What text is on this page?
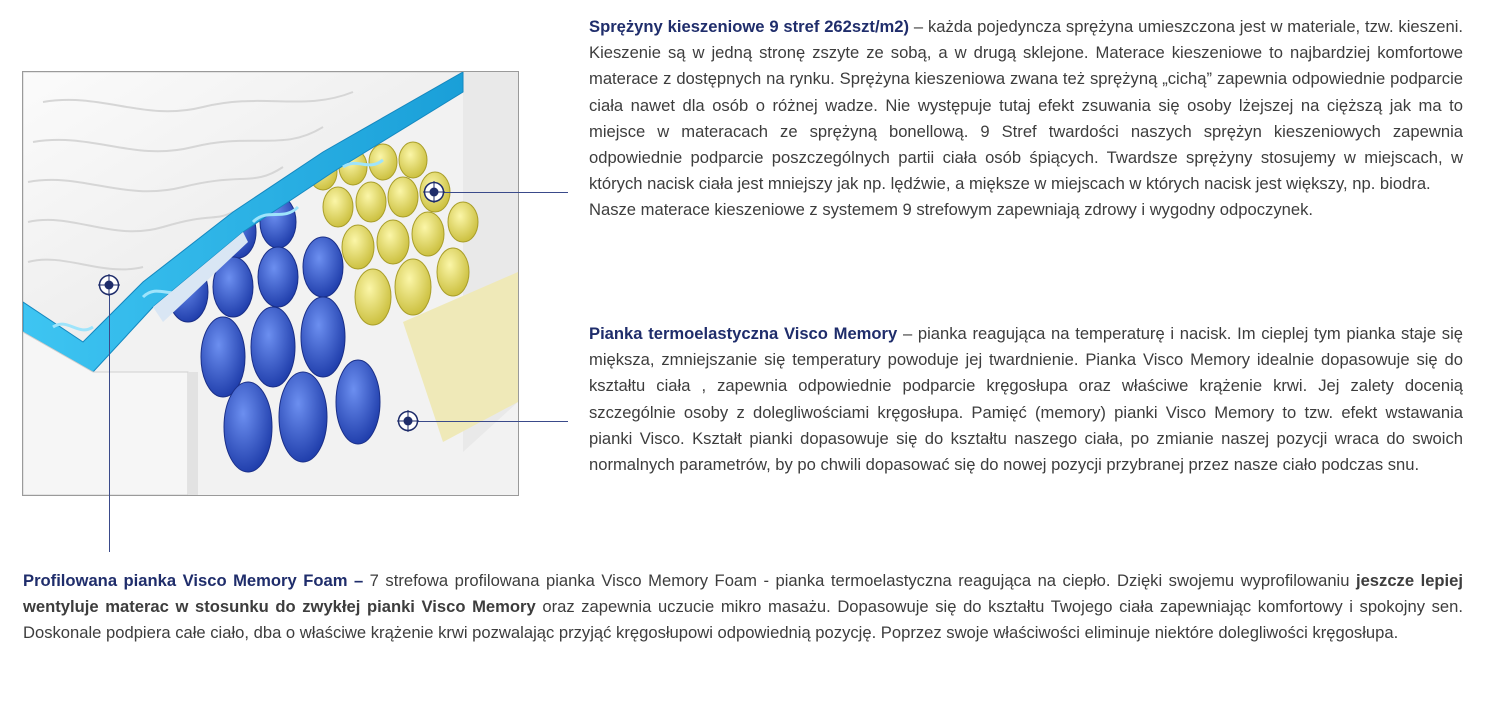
Sprężyny kieszeniowe 9 stref 262szt/m2) – każda pojedyncza sprężyna umieszczona jest w materiale, tzw. kieszeni. Kieszenie są w jedną stronę zszyte ze sobą, a w drugą sklejone. Materace kieszeniowe to najbardziej komfortowe materace z dostępnych na rynku. Sprężyna kieszeniowa zwana też sprężyną „cichą” zapewnia odpowiednie podparcie ciała nawet dla osób o różnej wadze. Nie występuje tutaj efekt zsuwania się osoby lżejszej na cięższą jak ma to miejsce w materacach ze sprężyną bonellową. 9 Stref twardości naszych sprężyn kieszeniowych zapewnia odpowiednie podparcie poszczególnych partii ciała osób śpiących. Twardsze sprężyny stosujemy w miejscach, w których nacisk ciała jest mniejszy jak np. lędźwie, a miększe w miejscach w których nacisk jest większy, np. biodra.
Nasze materace kieszeniowe z systemem 9 strefowym zapewniają zdrowy i wygodny odpoczynek.
Pianka termoelastyczna Visco Memory – pianka reagująca na temperaturę i nacisk. Im cieplej tym pianka staje się miększa, zmniejszanie się temperatury powoduje jej twardnienie. Pianka Visco Memory idealnie dopasowuje się do kształtu ciała , zapewnia odpowiednie podparcie kręgosłupa oraz właściwe krążenie krwi. Jej zalety docenią szczególnie osoby z dolegliwościami kręgosłupa. Pamięć (memory) pianki Visco Memory to tzw. efekt wstawania pianki Visco. Kształt pianki dopasowuje się do kształtu naszego ciała, po zmianie naszej pozycji wraca do swoich normalnych parametrów, by po chwili dopasować się do nowej pozycji przybranej przez nasze ciało podczas snu.
Profilowana pianka Visco Memory Foam – 7 strefowa profilowana pianka Visco Memory Foam - pianka termoelastyczna reagująca na ciepło. Dzięki swojemu wyprofilowaniu jeszcze lepiej wentyluje materac w stosunku do zwykłej pianki Visco Memory oraz zapewnia uczucie mikro masażu. Dopasowuje się do kształtu Twojego ciała zapewniając komfortowy i spokojny sen. Doskonale podpiera całe ciało, dba o właściwe krążenie krwi pozwalając przyjąć kręgosłupowi odpowiednią pozycję. Poprzez swoje właściwości eliminuje niektóre dolegliwości kręgosłupa.
